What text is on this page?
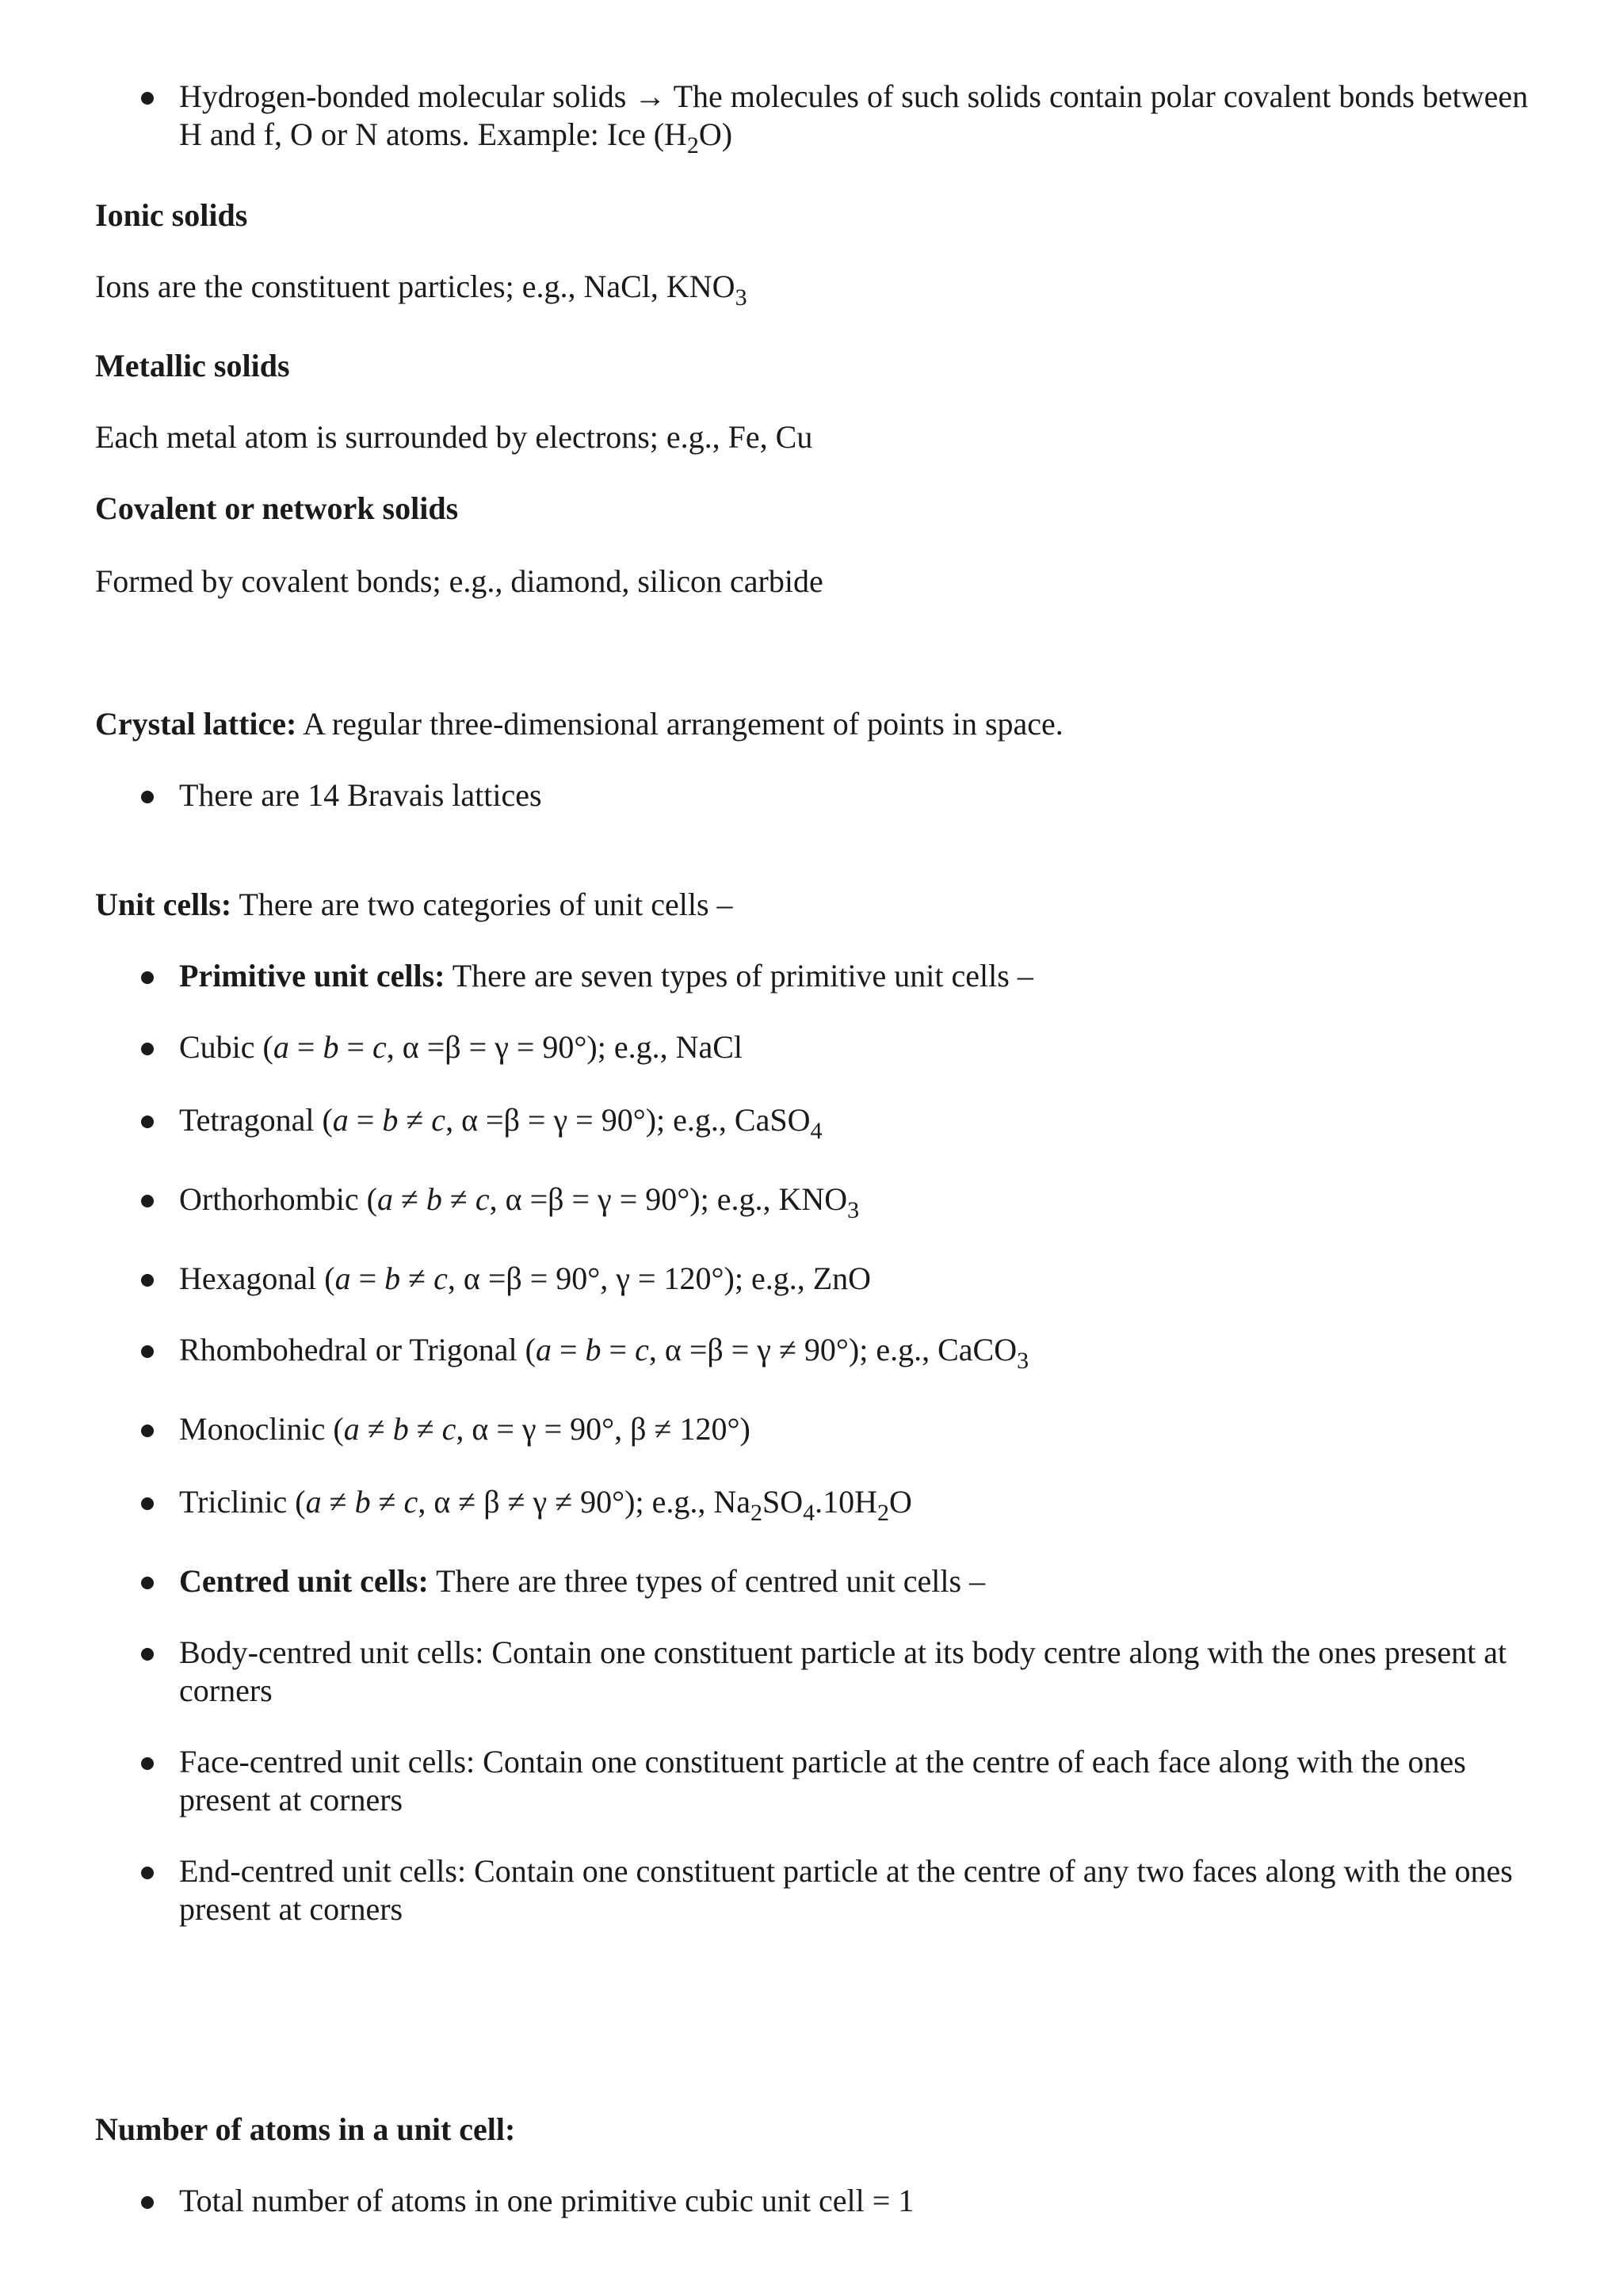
Hydrogen-bonded molecular solids → The molecules of such solids contain polar covalent bonds between H and f, O or N atoms. Example: Ice $(H_2O)$

Ionic solids

Ions are the constituent particles; e.g., NaCl, $KNO_3$

Metallic solids

Each metal atom is surrounded by electrons; e.g., Fe, Cu

Covalent or network solids

Formed by covalent bonds; e.g., diamond, silicon carbide

Crystal lattice: A regular three-dimensional arrangement of points in space.

There are 14 Bravais lattices

Unit cells: There are two categories of unit cells –

Primitive unit cells: There are seven types of primitive unit cells –

Cubic (a = b = c, α =β = γ = 90°); e.g., NaCl

Tetragonal (a = b ≠ c, α =β = γ = 90°); e.g., CaSO$_4$

Orthorhombic (a ≠ b ≠ c, α =β = γ = 90°); e.g., $KNO_3$

Hexagonal (a = b ≠ c, α =β = 90°, γ = 120°); e.g., ZnO

Rhombohedral or Trigonal (a = b = c, α =β = γ ≠ 90°); e.g., CaCO$_3$

Monoclinic (a ≠ b ≠ c, α = γ = 90°, β ≠ 120°)

Triclinic (a ≠ b ≠ c, α ≠ β ≠ γ ≠ 90°); e.g., $Na_2SO_4.10H_2O$

Centred unit cells: There are three types of centred unit cells –

Body-centred unit cells: Contain one constituent particle at its body centre along with the ones present at corners

Face-centred unit cells: Contain one constituent particle at the centre of each face along with the ones present at corners

End-centred unit cells: Contain one constituent particle at the centre of any two faces along with the ones present at corners

Number of atoms in a unit cell:

Total number of atoms in one primitive cubic unit cell = 1
